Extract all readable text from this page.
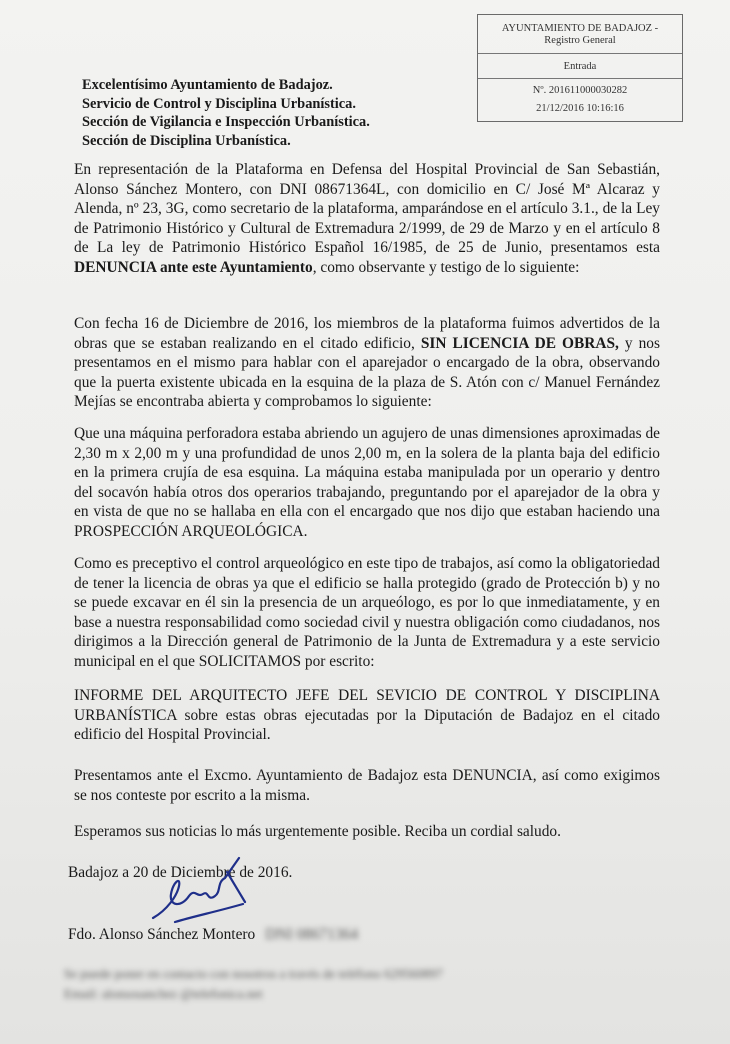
AYUNTAMIENTO DE BADAJOZ -
Registro General
Entrada
Nº. 201611000030282
21/12/2016 10:16:16
Excelentísimo Ayuntamiento de Badajoz.
Servicio de Control y Disciplina Urbanística.
Sección de Vigilancia e Inspección Urbanística.
Sección de Disciplina Urbanística.
En representación de la Plataforma en Defensa del Hospital Provincial de San Sebastián, Alonso Sánchez Montero, con DNI 08671364L, con domicilio en C/ José Mª Alcaraz y Alenda, nº 23, 3G, como secretario de la plataforma, amparándose en el artículo 3.1., de la Ley de Patrimonio Histórico y Cultural de Extremadura 2/1999, de 29 de Marzo y en el artículo 8 de La ley de Patrimonio Histórico Español 16/1985, de 25 de Junio, presentamos esta DENUNCIA ante este Ayuntamiento, como observante y testigo de lo siguiente:
Con fecha 16 de Diciembre de 2016, los miembros de la plataforma fuimos advertidos de la obras que se estaban realizando en el citado edificio, SIN LICENCIA DE OBRAS, y nos presentamos en el mismo para hablar con el aparejador o encargado de la obra, observando que la puerta existente ubicada en la esquina de la plaza de S. Atón con c/ Manuel Fernández Mejías se encontraba abierta y comprobamos lo siguiente:
Que una máquina perforadora estaba abriendo un agujero de unas dimensiones aproximadas de 2,30 m x 2,00 m y una profundidad de unos 2,00 m, en la solera de la planta baja del edificio en la primera crujía de esa esquina. La máquina estaba manipulada por un operario y dentro del socavón había otros dos operarios trabajando, preguntando por el aparejador de la obra y en vista de que no se hallaba en ella con el encargado que nos dijo que estaban haciendo una PROSPECCIÓN ARQUEOLÓGICA.
Como es preceptivo el control arqueológico en este tipo de trabajos, así como la obligatoriedad de tener la licencia de obras ya que el edificio se halla protegido (grado de Protección b) y no se puede excavar en él sin la presencia de un arqueólogo, es por lo que inmediatamente, y en base a nuestra responsabilidad como sociedad civil y nuestra obligación como ciudadanos, nos dirigimos a la Dirección general de Patrimonio de la Junta de Extremadura y a este servicio municipal en el que SOLICITAMOS por escrito:
INFORME DEL ARQUITECTO JEFE DEL SEVICIO DE CONTROL Y DISCIPLINA URBANÍSTICA sobre estas obras ejecutadas por la Diputación de Badajoz en el citado edificio del Hospital Provincial.
Presentamos ante el Excmo. Ayuntamiento de Badajoz esta DENUNCIA, así como exigimos se nos conteste por escrito a la misma.
Esperamos sus noticias lo más urgentemente posible. Reciba un cordial saludo.
Badajoz a 20 de Diciembre de 2016.
Fdo. Alonso Sánchez Montero DNI 08671364
Se puede poner en contacto con nosotros a través de teléfono 629560897
Email: alonsosanchez @telefonica.net
